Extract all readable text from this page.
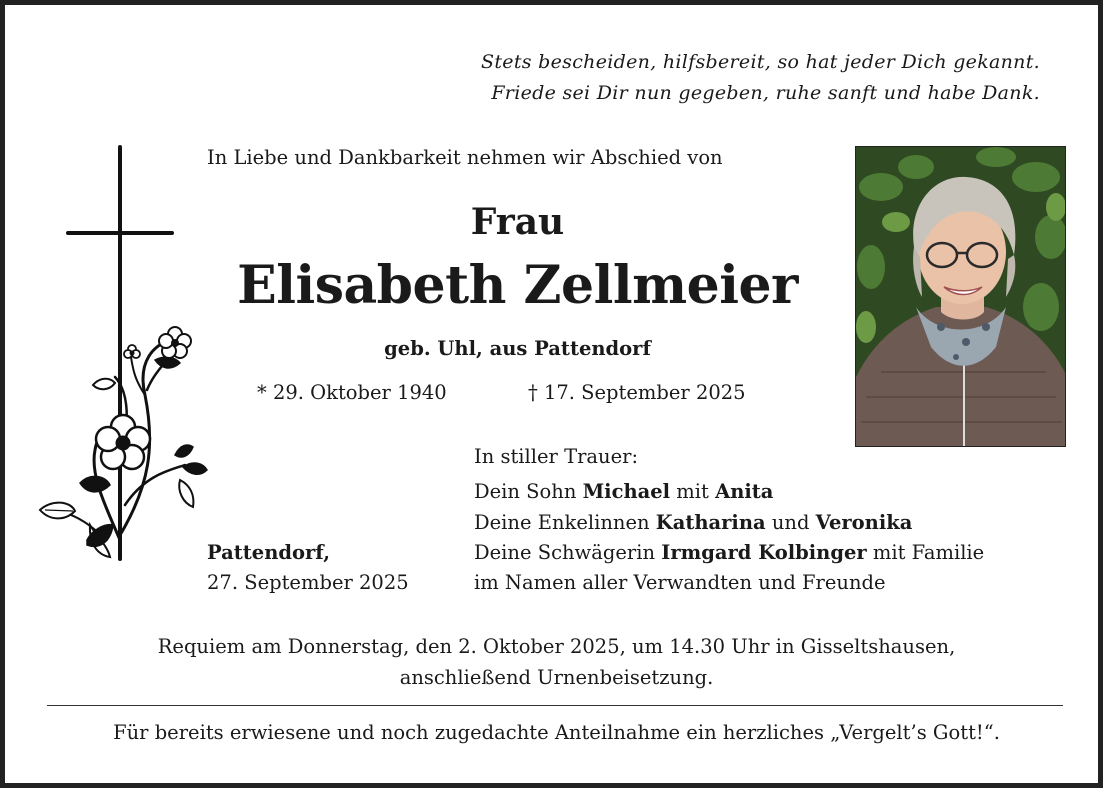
Stets bescheiden, hilfsbereit, so hat jeder Dich gekannt.
Friede sei Dir nun gegeben, ruhe sanft und habe Dank.
In Liebe und Dankbarkeit nehmen wir Abschied von
Frau
Elisabeth Zellmeier
geb. Uhl, aus Pattendorf
* 29. Oktober 1940	† 17. September 2025
In stiller Trauer:
Dein Sohn Michael mit Anita
Deine Enkelinnen Katharina und Veronika
Deine Schwägerin Irmgard Kolbinger mit Familie
im Namen aller Verwandten und Freunde
Pattendorf,
27. September 2025
Requiem am Donnerstag, den 2. Oktober 2025, um 14.30 Uhr in Gisseltshausen,
anschließend Urnenbeisetzung.
Für bereits erwiesene und noch zugedachte Anteilnahme ein herzliches „Vergelt’s Gott!“.
